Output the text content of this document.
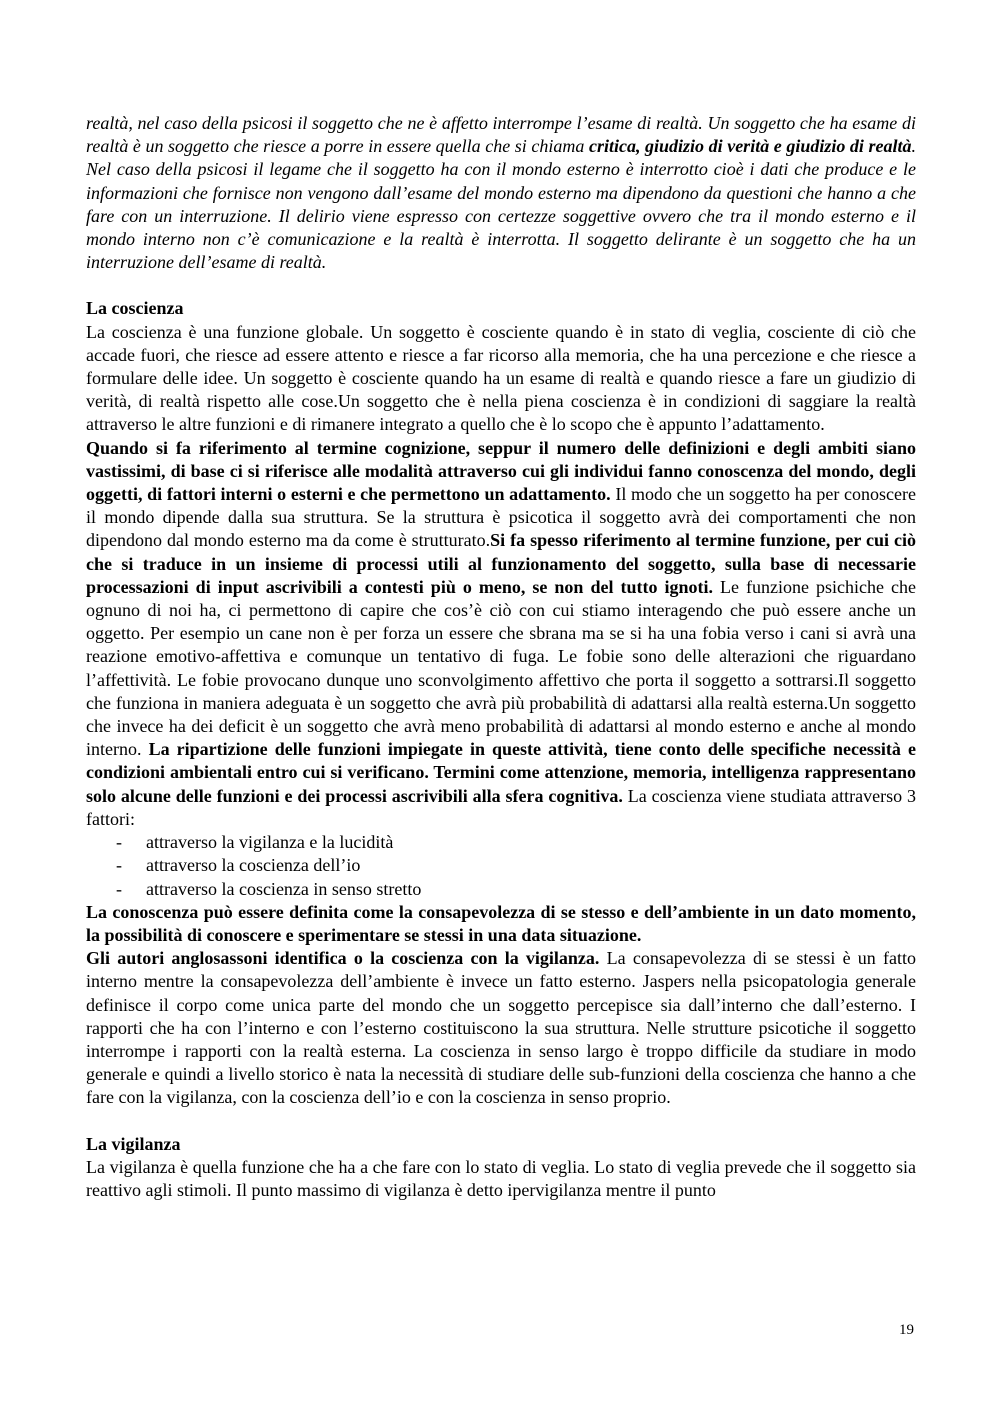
realtà, nel caso della psicosi il soggetto che ne è affetto interrompe l’esame di realtà. Un soggetto che ha esame di realtà è un soggetto che riesce a porre in essere quella che si chiama critica, giudizio di verità e giudizio di realtà. Nel caso della psicosi il legame che il soggetto ha con il mondo esterno è interrotto cioè i dati che produce e le informazioni che fornisce non vengono dall’esame del mondo esterno ma dipendono da questioni che hanno a che fare con un interruzione. Il delirio viene espresso con certezze soggettive ovvero che tra il mondo esterno e il mondo interno non c’è comunicazione e la realtà è interrotta. Il soggetto delirante è un soggetto che ha un interruzione dell’esame di realtà.

La coscienza

La coscienza è una funzione globale. Un soggetto è cosciente quando è in stato di veglia, cosciente di ciò che accade fuori, che riesce ad essere attento e riesce a far ricorso alla memoria, che ha una percezione e che riesce a formulare delle idee. Un soggetto è cosciente quando ha un esame di realtà e quando riesce a fare un giudizio di verità, di realtà rispetto alle cose.Un soggetto che è nella piena coscienza è in condizioni di saggiare la realtà attraverso le altre funzioni e di rimanere integrato a quello che è lo scopo che è appunto l’adattamento.

Quando si fa riferimento al termine cognizione, seppur il numero delle definizioni e degli ambiti siano vastissimi, di base ci si riferisce alle modalità attraverso cui gli individui fanno conoscenza del mondo, degli oggetti, di fattori interni o esterni e che permettono un adattamento. Il modo che un soggetto ha per conoscere il mondo dipende dalla sua struttura. Se la struttura è psicotica il soggetto avrà dei comportamenti che non dipendono dal mondo esterno ma da come è strutturato.Si fa spesso riferimento al termine funzione, per cui ciò che si traduce in un insieme di processi utili al funzionamento del soggetto, sulla base di necessarie processazioni di input ascrivibili a contesti più o meno, se non del tutto ignoti. Le funzione psichiche che ognuno di noi ha, ci permettono di capire che cos’è ciò con cui stiamo interagendo che può essere anche un oggetto. Per esempio un cane non è per forza un essere che sbrana ma se si ha una fobia verso i cani si avrà una reazione emotivo-affettiva e comunque un tentativo di fuga. Le fobie sono delle alterazioni che riguardano l’affettività. Le fobie provocano dunque uno sconvolgimento affettivo che porta il soggetto a sottrarsi.Il soggetto che funziona in maniera adeguata è un soggetto che avrà più probabilità di adattarsi alla realtà esterna.Un soggetto che invece ha dei deficit è un soggetto che avrà meno probabilità di adattarsi al mondo esterno e anche al mondo interno. La ripartizione delle funzioni impiegate in queste attività, tiene conto delle specifiche necessità e condizioni ambientali entro cui si verificano. Termini come attenzione, memoria, intelligenza rappresentano solo alcune delle funzioni e dei processi ascrivibili alla sfera cognitiva. La coscienza viene studiata attraverso 3 fattori:

- attraverso la vigilanza e la lucidità
- attraverso la coscienza dell’io
- attraverso la coscienza in senso stretto

La conoscenza può essere definita come la consapevolezza di se stesso e dell’ambiente in un dato momento, la possibilità di conoscere e sperimentare se stessi in una data situazione.

Gli autori anglosassoni identifica o la coscienza con la vigilanza. La consapevolezza di se stessi è un fatto interno mentre la consapevolezza dell’ambiente è invece un fatto esterno. Jaspers nella psicopatologia generale definisce il corpo come unica parte del mondo che un soggetto percepisce sia dall’interno che dall’esterno. I rapporti che ha con l’interno e con l’esterno costituiscono la sua struttura. Nelle strutture psicotiche il soggetto interrompe i rapporti con la realtà esterna. La coscienza in senso largo è troppo difficile da studiare in modo generale e quindi a livello storico è nata la necessità di studiare delle sub-funzioni della coscienza che hanno a che fare con la vigilanza, con la coscienza dell’io e con la coscienza in senso proprio.

La vigilanza

La vigilanza è quella funzione che ha a che fare con lo stato di veglia. Lo stato di veglia prevede che il soggetto sia reattivo agli stimoli. Il punto massimo di vigilanza è detto ipervigilanza mentre il punto

19
